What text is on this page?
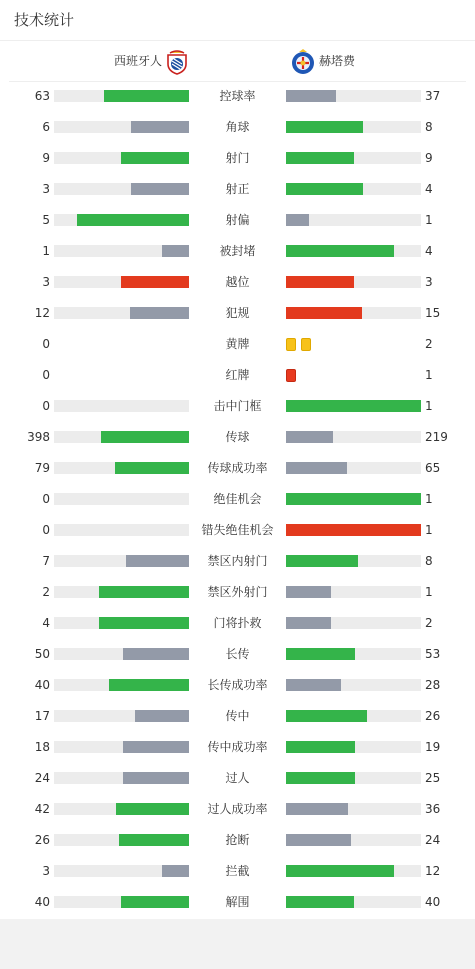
技术统计
西班牙人	赫塔费
63	控球率	37
6	角球	8
9	射门	9
3	射正	4
5	射偏	1
1	被封堵	4
3	越位	3
12	犯规	15
0	黄牌	2
0	红牌	1
0	击中门框	1
398	传球	219
79	传球成功率	65
0	绝佳机会	1
0	错失绝佳机会	1
7	禁区内射门	8
2	禁区外射门	1
4	门将扑救	2
50	长传	53
40	长传成功率	28
17	传中	26
18	传中成功率	19
24	过人	25
42	过人成功率	36
26	抢断	24
3	拦截	12
40	解围	40
